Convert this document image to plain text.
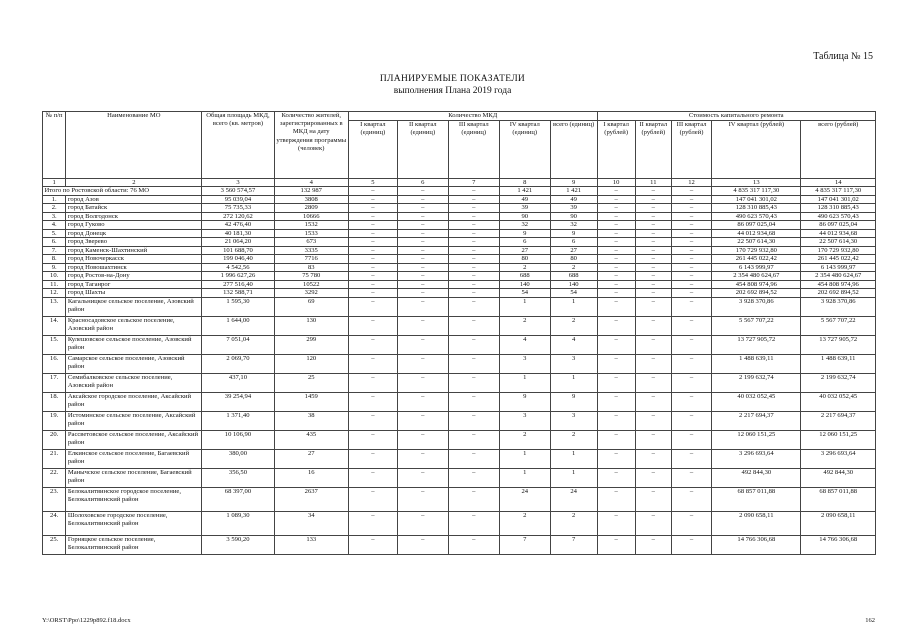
Таблица № 15
ПЛАНИРУЕМЫЕ ПОКАЗАТЕЛИ
выполнения Плана 2019 года
№ п/п	Наименование МО	Общая площадь МКД, всего (кв. метров)	Количество жителей, зарегистрированных в МКД на дату утверждения программы (человек)	Количество МКД					Стоимость капитального ремонта				
				I квартал (единиц)	II квартал (единиц)	III квартал (единиц)	IV квартал (единиц)	всего (единиц)	I квартал (рублей)	II квартал (рублей)	III квартал (рублей)	IV квартал (рублей)	всего (рублей)
1	2	3	4	5	6	7	8	9	10	11	12	13	14
Итого по Ростовской области: 76 МО		3 560 574,57	132 987	–	–	–	1 421	1 421	–	–	–	4 835 317 117,30	4 835 317 117,30
1.	город Азов	95 039,04	3808	–	–	–	49	49	–	–	–	147 041 301,02	147 041 301,02
2.	город Батайск	75 735,33	2809	–	–	–	39	39	–	–	–	128 310 885,43	128 310 885,43
3.	город Волгодонск	272 120,62	10666	–	–	–	90	90	–	–	–	490 623 570,43	490 623 570,43
4.	город Гуково	42 476,40	1532	–	–	–	32	32	–	–	–	86 097 025,04	86 097 025,04
5.	город Донецк	40 181,30	1533	–	–	–	9	9	–	–	–	44 012 934,68	44 012 934,68
6.	город Зверево	21 064,20	673	–	–	–	6	6	–	–	–	22 507 614,30	22 507 614,30
7.	город Каменск-Шахтинский	101 688,70	3335	–	–	–	27	27	–	–	–	170 729 932,80	170 729 932,80
8.	город Новочеркасск	199 046,40	7716	–	–	–	80	80	–	–	–	261 445 022,42	261 445 022,42
9.	город Новошахтинск	4 542,56	83	–	–	–	2	2	–	–	–	6 143 999,97	6 143 999,97
10.	город Ростов-на-Дону	1 996 627,26	75 780	–	–	–	688	688	–	–	–	2 354 480 624,67	2 354 480 624,67
11.	город Таганрог	277 516,40	10522	–	–	–	140	140	–	–	–	454 808 974,96	454 808 974,96
12.	город Шахты	132 588,71	3292	–	–	–	54	54	–	–	–	202 692 894,52	202 692 894,52
13.	Кагальницкое сельское поселение, Азовский район	1 595,30	69	–	–	–	1	1	–	–	–	3 928 370,86	3 928 370,86
14.	Красносадовское сельское поселение, Азовский район	1 644,00	130	–	–	–	2	2	–	–	–	5 567 707,22	5 567 707,22
15.	Кулешовское сельское поселение, Азовский район	7 051,04	299	–	–	–	4	4	–	–	–	13 727 905,72	13 727 905,72
16.	Самарское сельское поселение, Азовский район	2 069,70	120	–	–	–	3	3	–	–	–	1 488 639,11	1 488 639,11
17.	Семибалковское сельское поселение, Азовский район	437,10	25	–	–	–	1	1	–	–	–	2 199 632,74	2 199 632,74
18.	Аксайское городское поселение, Аксайский район	39 254,94	1459	–	–	–	9	9	–	–	–	40 032 052,45	40 032 052,45
19.	Истоминское сельское поселение, Аксайский район	1 371,40	38	–	–	–	3	3	–	–	–	2 217 694,37	2 217 694,37
20.	Рассветовское сельское поселение, Аксайский район	10 106,90	435	–	–	–	2	2	–	–	–	12 060 151,25	12 060 151,25
21.	Елкинское сельское поселение, Багаевский район	380,00	27	–	–	–	1	1	–	–	–	3 296 693,64	3 296 693,64
22.	Манычское сельское поселение, Багаевский район	356,50	16	–	–	–	1	1	–	–	–	492 844,30	492 844,30
23.	Белокалитвинское городское поселение, Белокалитвинский район	68 397,00	2637	–	–	–	24	24	–	–	–	68 857 011,88	68 857 011,88
24.	Шолоховское городское поселение, Белокалитвинский район	1 089,30	34	–	–	–	2	2	–	–	–	2 090 658,11	2 090 658,11
25.	Горняцкое сельское поселение, Белокалитвинский район	3 590,20	133	–	–	–	7	7	–	–	–	14 766 306,68	14 766 306,68
Y:\ORST\Ppo\1229p892.f18.docx	162
